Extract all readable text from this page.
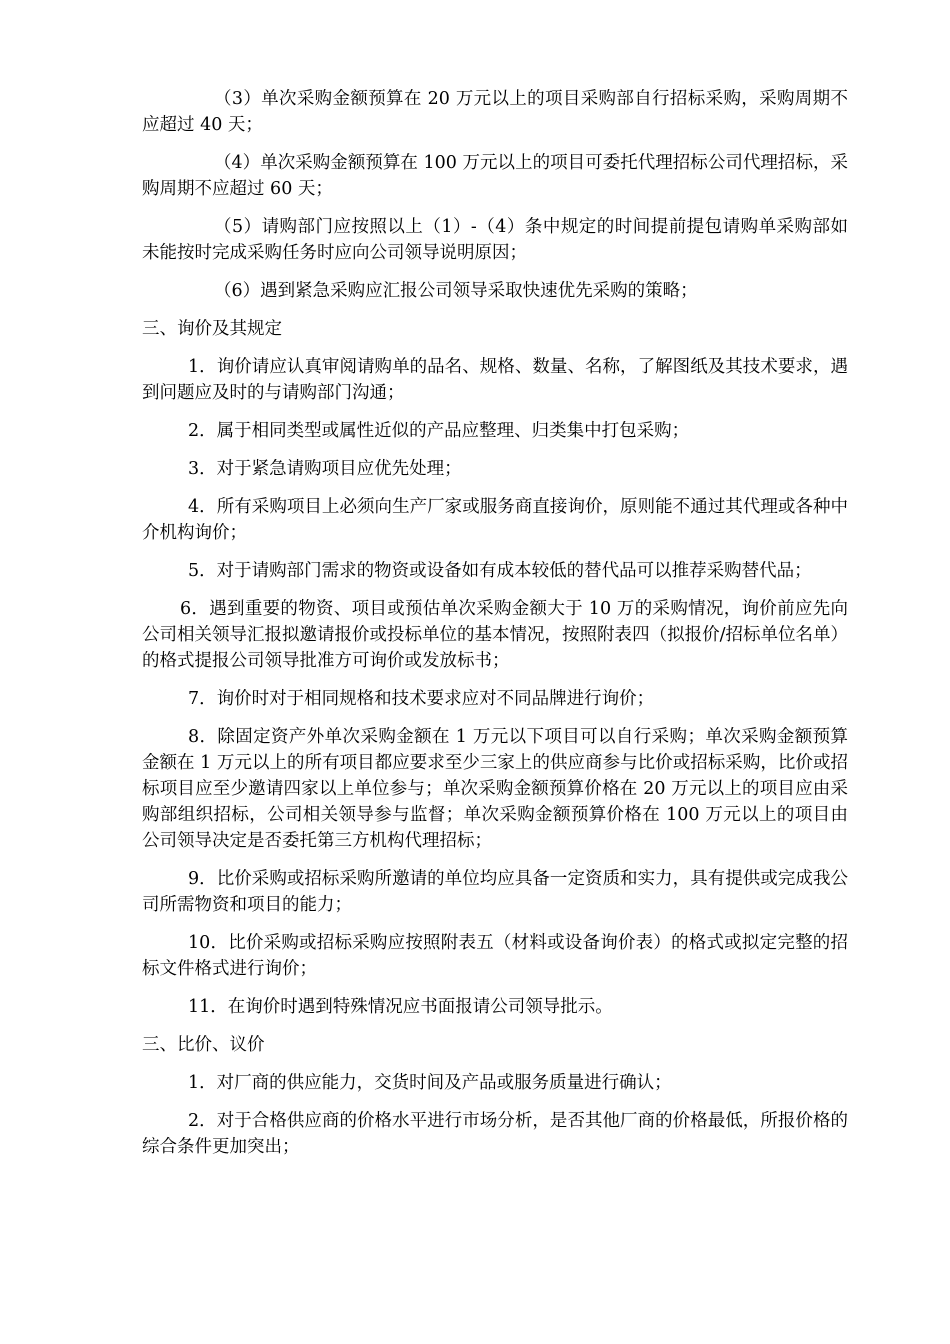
（3）单次采购金额预算在 20 万元以上的项目采购部自行招标采购，采购周期不应超过 40 天；

（4）单次采购金额预算在 100 万元以上的项目可委托代理招标公司代理招标，采购周期不应超过 60 天；

（5）请购部门应按照以上（1）-（4）条中规定的时间提前提包请购单采购部如未能按时完成采购任务时应向公司领导说明原因；

（6）遇到紧急采购应汇报公司领导采取快速优先采购的策略；

三、询价及其规定

1．询价请应认真审阅请购单的品名、规格、数量、名称，了解图纸及其技术要求，遇到问题应及时的与请购部门沟通；

2．属于相同类型或属性近似的产品应整理、归类集中打包采购；

3．对于紧急请购项目应优先处理；

4．所有采购项目上必须向生产厂家或服务商直接询价，原则能不通过其代理或各种中介机构询价；

5．对于请购部门需求的物资或设备如有成本较低的替代品可以推荐采购替代品；

6．遇到重要的物资、项目或预估单次采购金额大于 10 万的采购情况，询价前应先向公司相关领导汇报拟邀请报价或投标单位的基本情况，按照附表四（拟报价/招标单位名单）的格式提报公司领导批准方可询价或发放标书；

7．询价时对于相同规格和技术要求应对不同品牌进行询价；

8．除固定资产外单次采购金额在 1 万元以下项目可以自行采购；单次采购金额预算金额在 1 万元以上的所有项目都应要求至少三家上的供应商参与比价或招标采购，比价或招标项目应至少邀请四家以上单位参与；单次采购金额预算价格在 20 万元以上的项目应由采购部组织招标，公司相关领导参与监督；单次采购金额预算价格在 100 万元以上的项目由公司领导决定是否委托第三方机构代理招标；

9．比价采购或招标采购所邀请的单位均应具备一定资质和实力，具有提供或完成我公司所需物资和项目的能力；

10．比价采购或招标采购应按照附表五（材料或设备询价表）的格式或拟定完整的招标文件格式进行询价；

11．在询价时遇到特殊情况应书面报请公司领导批示。

三、比价、议价

1．对厂商的供应能力，交货时间及产品或服务质量进行确认；

2．对于合格供应商的价格水平进行市场分析，是否其他厂商的价格最低，所报价格的综合条件更加突出；
